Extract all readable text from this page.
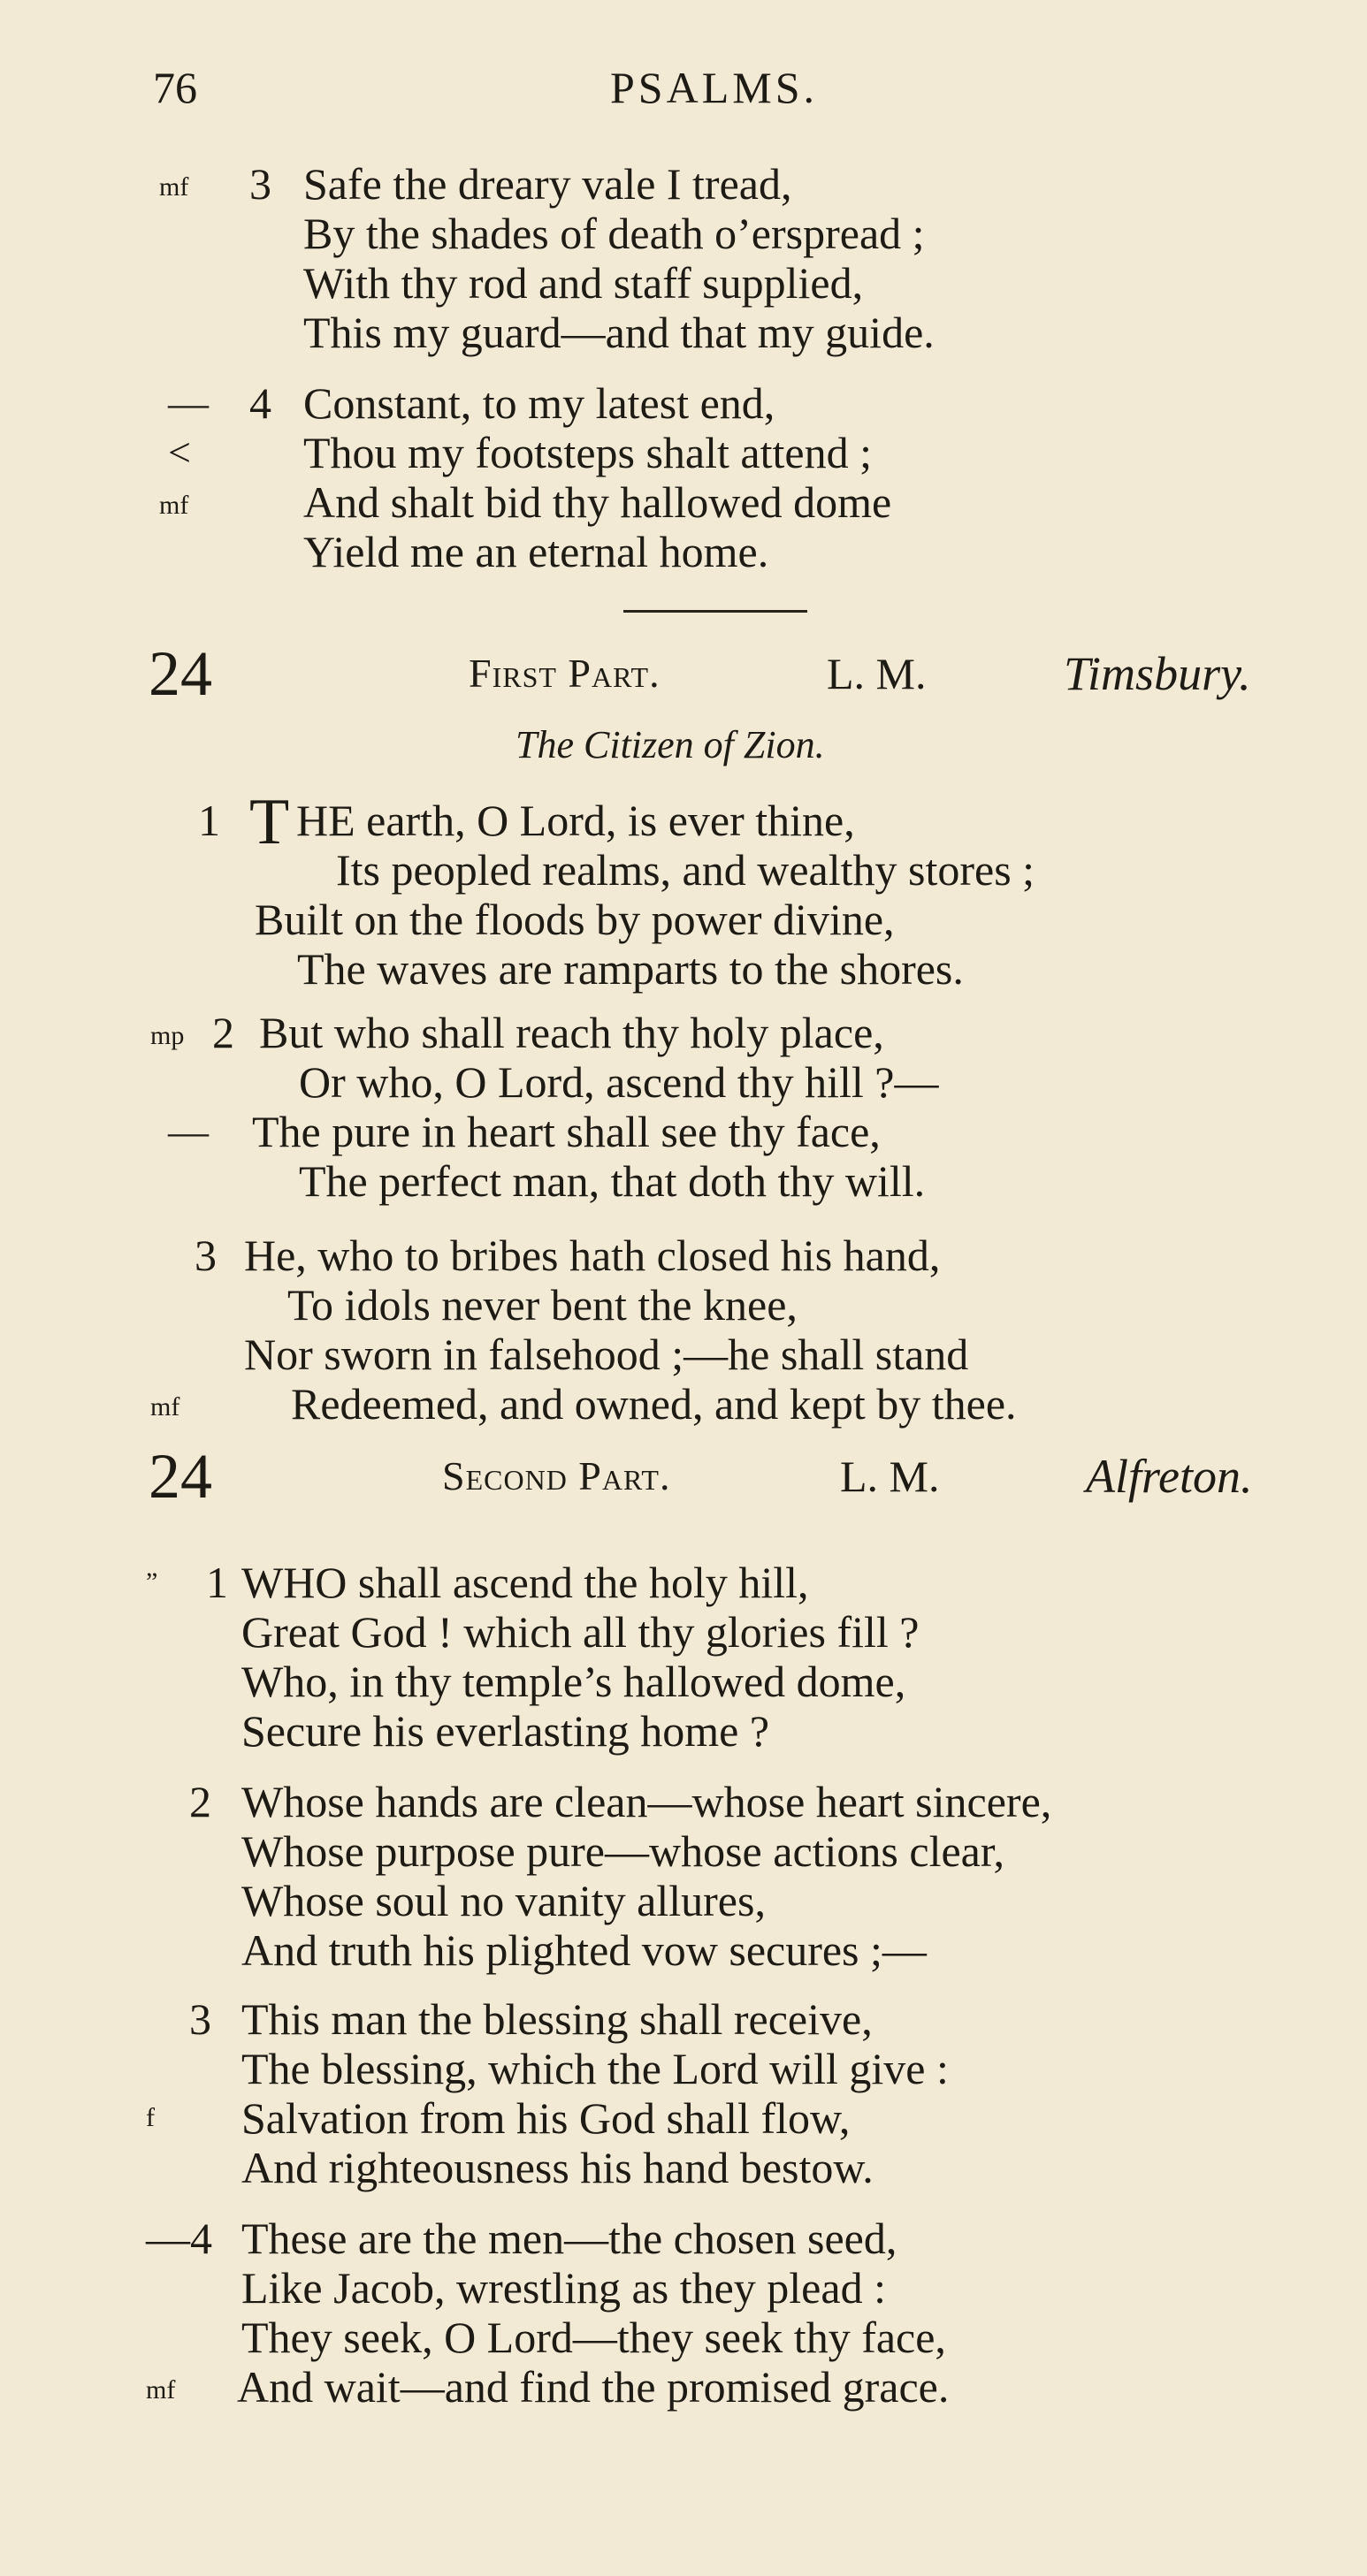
76	PSALMS.
mf 3 Safe the dreary vale I tread,
By the shades of death o’erspread ;
With thy rod and staff supplied,
This my guard—and that my guide.
— 4 Constant, to my latest end,
<	Thou my footsteps shalt attend ;
mf	And shalt bid thy hallowed dome
Yield me an eternal home.
24	First Part.	L. M.	Timsbury.
The Citizen of Zion.
1 T HE earth, O Lord, is ever thine,
Its peopled realms, and wealthy stores ;
Built on the floods by power divine,
The waves are ramparts to the shores.
mp 2 But who shall reach thy holy place,
Or who, O Lord, ascend thy hill ?—
— The pure in heart shall see thy face,
The perfect man, that doth thy will.
3 He, who to bribes hath closed his hand,
To idols never bent the knee,
Nor sworn in falsehood ;—he shall stand
mf	Redeemed, and owned, and kept by thee.
24	Second Part.	L. M.	Alfreton.
” 1 WHO shall ascend the holy hill,
Great God ! which all thy glories fill ?
Who, in thy temple’s hallowed dome,
Secure his everlasting home ?
2 Whose hands are clean—whose heart sincere,
Whose purpose pure—whose actions clear,
Whose soul no vanity allures,
And truth his plighted vow secures ;—
3 This man the blessing shall receive,
The blessing, which the Lord will give :
f Salvation from his God shall flow,
And righteousness his hand bestow.
—4 These are the men—the chosen seed,
Like Jacob, wrestling as they plead :
They seek, O Lord—they seek thy face,
mf And wait—and find the promised grace.
